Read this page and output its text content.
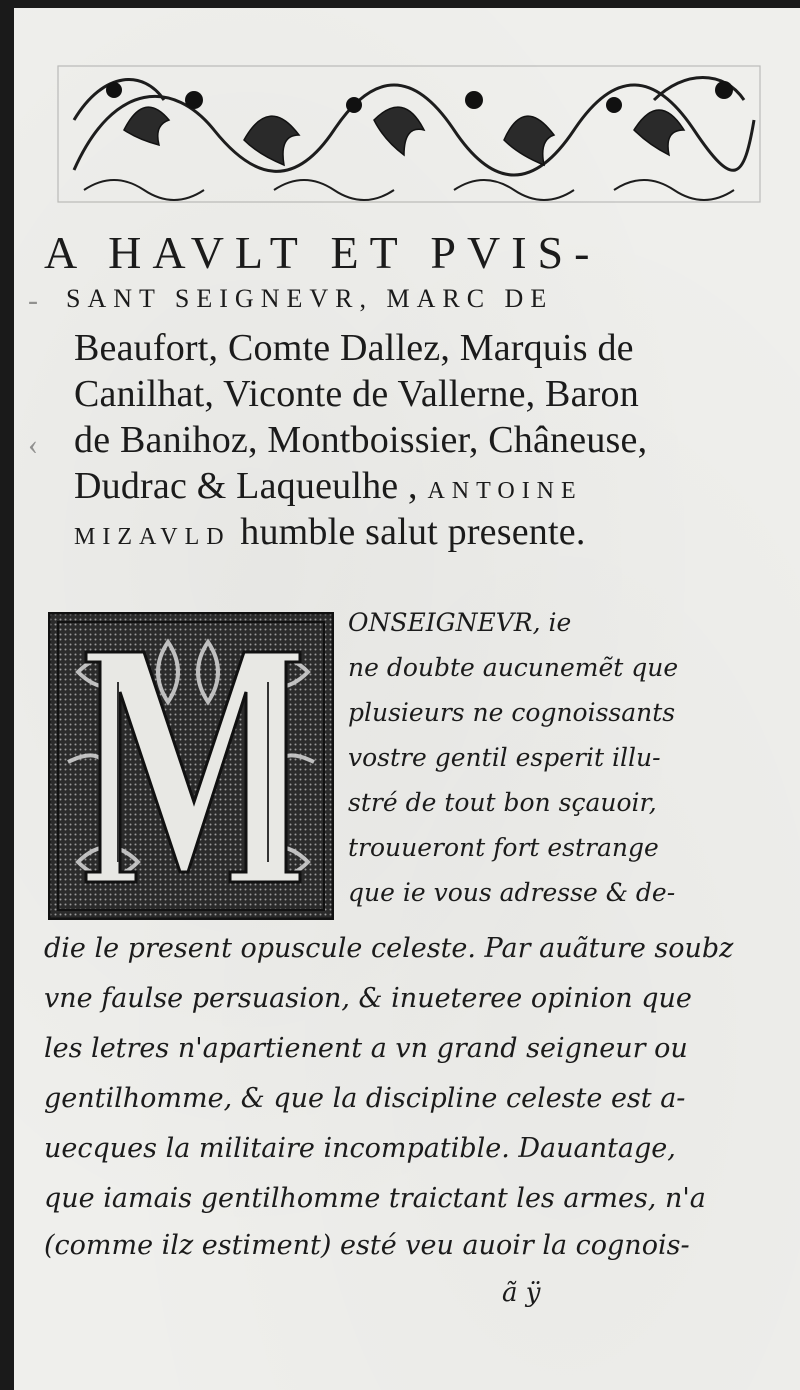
A HAVLT ET PVIS-
SANT SEIGNEVR, MARC DE
Beaufort, Comte Dallez, Marquis de
Canilhat, Viconte de Vallerne, Baron
de Banihoz, Montboissier, Châneuse,
Dudrac & Laqueulhe , ANTOINE
MIZAVLD humble salut presente.
-
‹
ONSEIGNEVR, ie
ne doubte aucunemẽt que
plusieurs ne cognoissants
vostre gentil esperit illu-
stré de tout bon sçauoir,
trouueront fort estrange
que ie vous adresse & de-
die le present opuscule celeste. Par auãture soubz
vne faulse persuasion, & inueteree opinion que
les letres n'apartienent a vn grand seigneur ou
gentilhomme, & que la discipline celeste est a-
uecques la militaire incompatible. Dauantage,
que iamais gentilhomme traictant les armes, n'a
(comme ilz estiment) esté veu auoir la cognois-
ã ÿ
